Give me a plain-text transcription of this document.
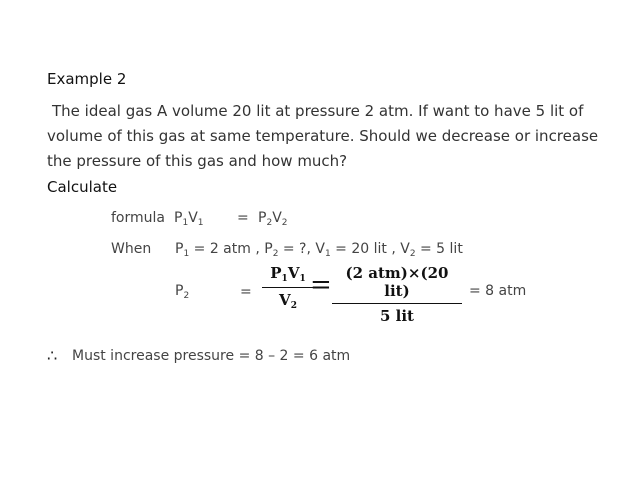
Example 2
The ideal gas A volume 20 lit at pressure 2 atm. If want to have 5 lit of volume of this gas at same temperature. Should we decrease or increase the pressure of this gas and how much?
Calculate
formula $P_1V_1 = P_2V_2$
When $P_1 = 2$ atm , $P_2$ = ?, $V_1 = 20$ lit , $V_2 = 5$ lit
$P_2$	=
$P_1V_1$
$V_2$
= (2 atm)×(20 lit)
5 lit
= 8 atm
∴ Must increase pressure = 8 – 2 = 6 atm
